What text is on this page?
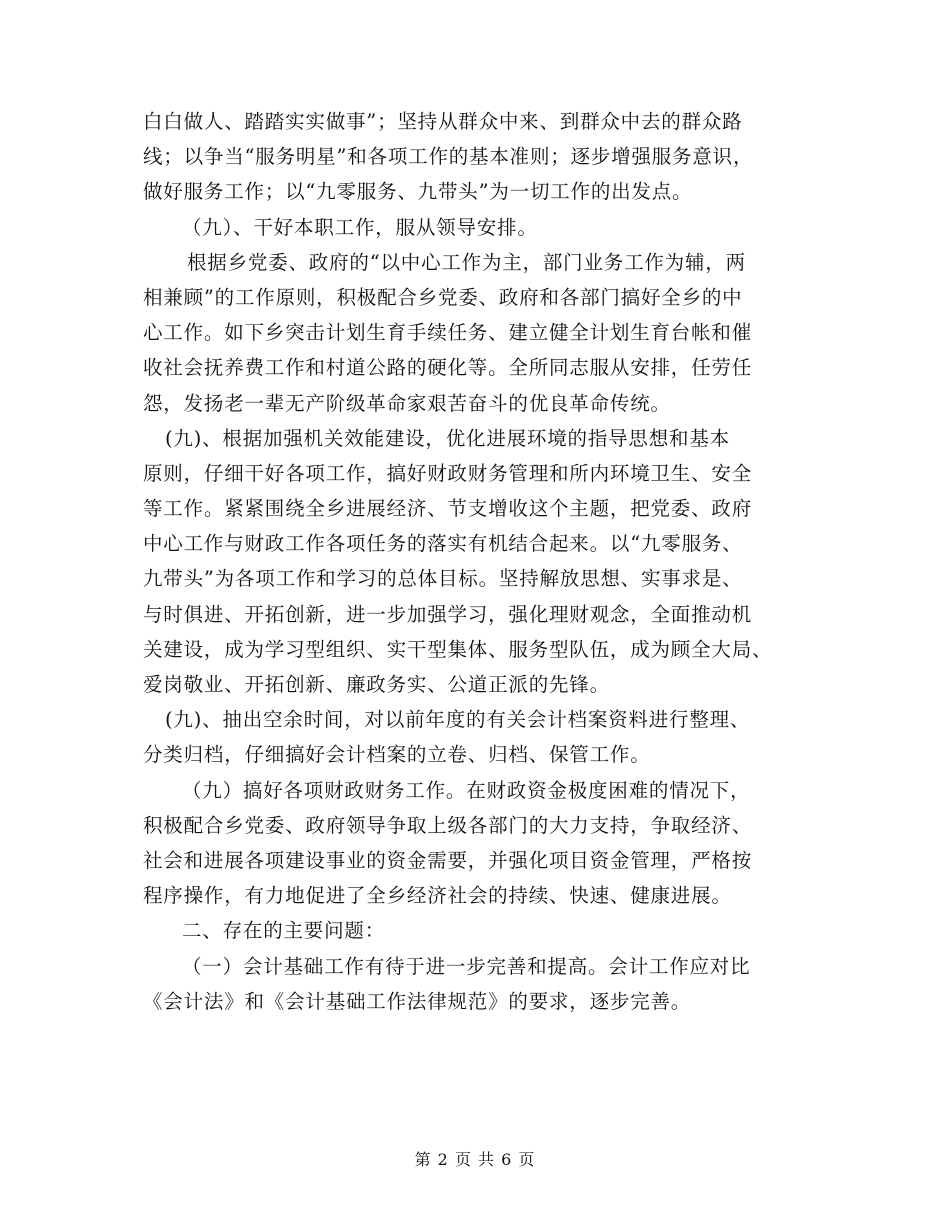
白白做人、踏踏实实做事”；坚持从群众中来、到群众中去的群众路
线；以争当“服务明星”和各项工作的基本准则；逐步增强服务意识，
做好服务工作；以“九零服务、九带头”为一切工作的出发点。
（九）、干好本职工作，服从领导安排。
根据乡党委、政府的“以中心工作为主，部门业务工作为辅，两
相兼顾”的工作原则，积极配合乡党委、政府和各部门搞好全乡的中
心工作。如下乡突击计划生育手续任务、建立健全计划生育台帐和催
收社会抚养费工作和村道公路的硬化等。全所同志服从安排，任劳任
怨，发扬老一辈无产阶级革命家艰苦奋斗的优良革命传统。
(九)、根据加强机关效能建设，优化进展环境的指导思想和基本
原则，仔细干好各项工作，搞好财政财务管理和所内环境卫生、安全
等工作。紧紧围绕全乡进展经济、节支增收这个主题，把党委、政府
中心工作与财政工作各项任务的落实有机结合起来。以“九零服务、
九带头”为各项工作和学习的总体目标。坚持解放思想、实事求是、
与时俱进、开拓创新，进一步加强学习，强化理财观念，全面推动机
关建设，成为学习型组织、实干型集体、服务型队伍，成为顾全大局、
爱岗敬业、开拓创新、廉政务实、公道正派的先锋。
(九)、抽出空余时间，对以前年度的有关会计档案资料进行整理、
分类归档，仔细搞好会计档案的立卷、归档、保管工作。
（九）搞好各项财政财务工作。在财政资金极度困难的情况下，
积极配合乡党委、政府领导争取上级各部门的大力支持，争取经济、
社会和进展各项建设事业的资金需要，并强化项目资金管理，严格按
程序操作，有力地促进了全乡经济社会的持续、快速、健康进展。
二、存在的主要问题：
（一）会计基础工作有待于进一步完善和提高。会计工作应对比
《会计法》和《会计基础工作法律规范》的要求，逐步完善。
第 2 页 共 6 页
